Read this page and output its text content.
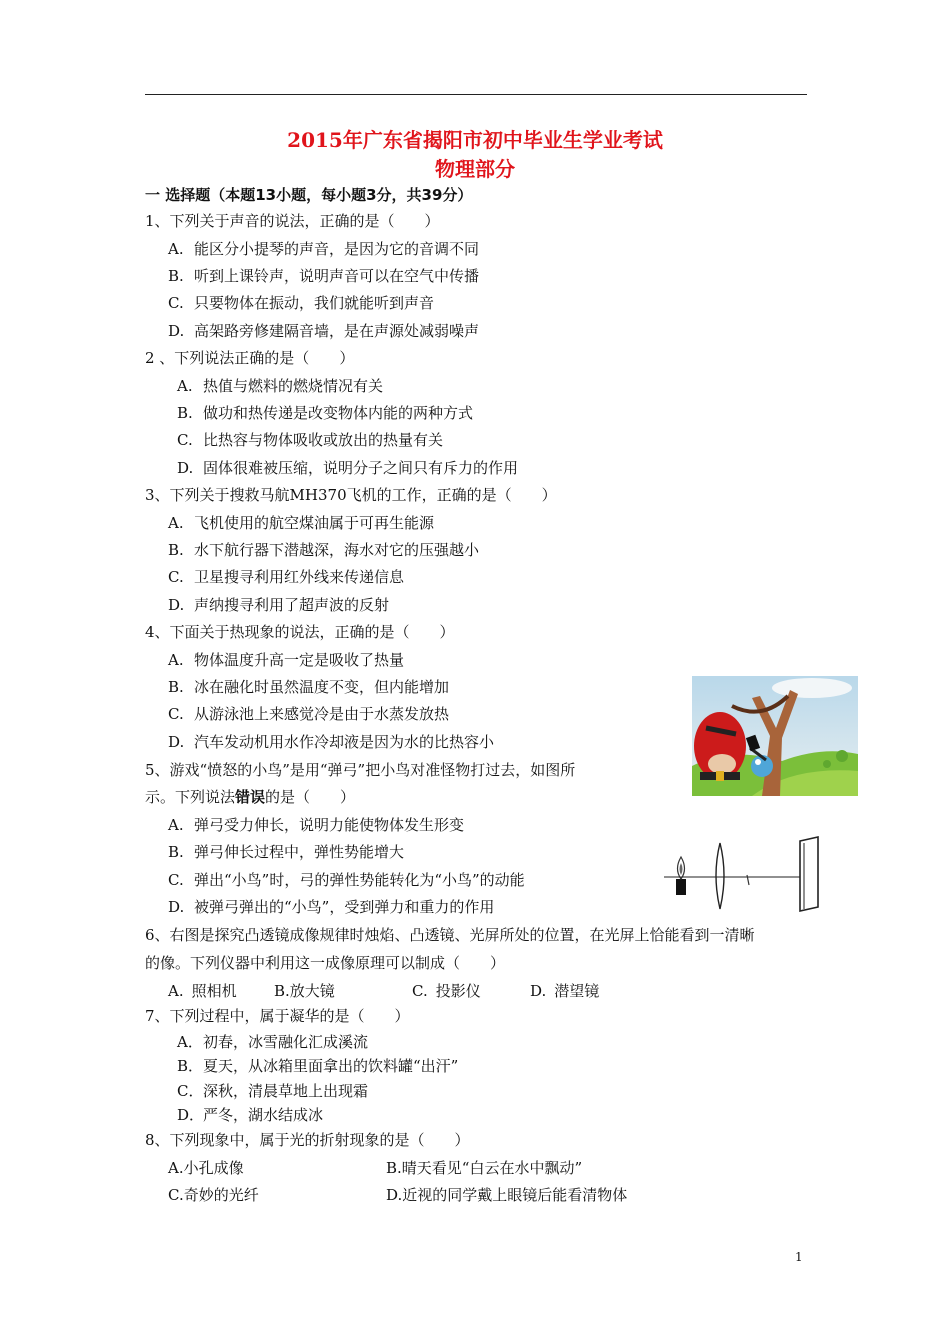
2015年广东省揭阳市初中毕业生学业考试
物理部分
一 选择题（本题13小题，每小题3分，共39分）
1、下列关于声音的说法，正确的是（　　）
A. 能区分小提琴的声音，是因为它的音调不同
B. 听到上课铃声，说明声音可以在空气中传播
C. 只要物体在振动，我们就能听到声音
D. 高架路旁修建隔音墙，是在声源处减弱噪声
2 、下列说法正确的是（　　）
A. 热值与燃料的燃烧情况有关
B. 做功和热传递是改变物体内能的两种方式
C. 比热容与物体吸收或放出的热量有关
D. 固体很难被压缩，说明分子之间只有斥力的作用
3、下列关于搜救马航MH370飞机的工作，正确的是（　　）
A. 飞机使用的航空煤油属于可再生能源
B. 水下航行器下潜越深，海水对它的压强越小
C. 卫星搜寻利用红外线来传递信息
D. 声纳搜寻利用了超声波的反射
4、下面关于热现象的说法，正确的是（　　）
A. 物体温度升高一定是吸收了热量
B. 冰在融化时虽然温度不变，但内能增加
C. 从游泳池上来感觉冷是由于水蒸发放热
D. 汽车发动机用水作冷却液是因为水的比热容小
5、游戏“愤怒的小鸟”是用“弹弓”把小鸟对准怪物打过去，如图所
示。下列说法错误的是（　　）
A. 弹弓受力伸长，说明力能使物体发生形变
B. 弹弓伸长过程中，弹性势能增大
C. 弹出“小鸟”时，弓的弹性势能转化为“小鸟”的动能
D. 被弹弓弹出的“小鸟”，受到弹力和重力的作用
6、右图是探究凸透镜成像规律时烛焰、凸透镜、光屏所处的位置，在光屏上恰能看到一清晰
的像。下列仪器中利用这一成像原理可以制成（　　）
A. 照相机 B.放大镜	C. 投影仪	D. 潜望镜
7、下列过程中，属于凝华的是（　　）
A．初春，冰雪融化汇成溪流
B．夏天，从冰箱里面拿出的饮料罐“出汗”
C．深秋，清晨草地上出现霜
D．严冬，湖水结成冰
8、下列现象中，属于光的折射现象的是（　　）
A.小孔成像	B.晴天看见“白云在水中飘动”
C.奇妙的光纤	D.近视的同学戴上眼镜后能看清物体
1
